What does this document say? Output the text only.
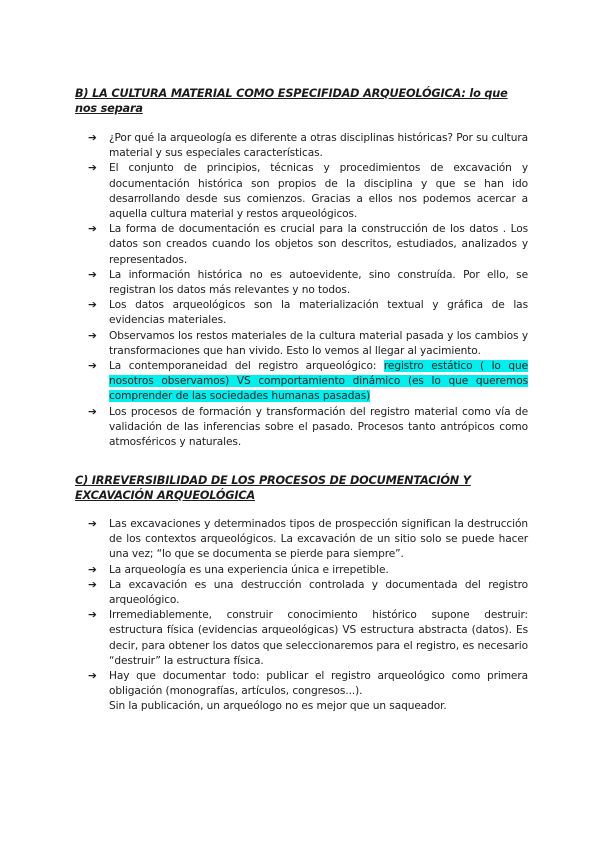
B) LA CULTURA MATERIAL COMO ESPECIFIDAD ARQUEOLÓGICA: lo que nos separa
➔ ¿Por qué la arqueología es diferente a otras disciplinas históricas? Por su cultura material y sus especiales características.
➔ El conjunto de principios, técnicas y procedimientos de excavación y documentación histórica son propios de la disciplina y que se han ido desarrollando desde sus comienzos. Gracias a ellos nos podemos acercar a aquella cultura material y restos arqueológicos.
➔ La forma de documentación es crucial para la construcción de los datos . Los datos son creados cuando los objetos son descritos, estudiados, analizados y representados.
➔ La información histórica no es autoevidente, sino construída. Por ello, se registran los datos más relevantes y no todos.
➔ Los datos arqueológicos son la materialización textual y gráfica de las evidencias materiales.
➔ Observamos los restos materiales de la cultura material pasada y los cambios y transformaciones que han vivido. Esto lo vemos al llegar al yacimiento.
➔ La contemporaneidad del registro arqueológico: registro estático ( lo que nosotros observamos) VS comportamiento dinámico (es lo que queremos comprender de las sociedades humanas pasadas)
➔ Los procesos de formación y transformación del registro material como vía de validación de las inferencias sobre el pasado. Procesos tanto antrópicos como atmosféricos y naturales.
C) IRREVERSIBILIDAD DE LOS PROCESOS DE DOCUMENTACIÓN Y EXCAVACIÓN ARQUEOLÓGICA
➔ Las excavaciones y determinados tipos de prospección significan la destrucción de los contextos arqueológicos. La excavación de un sitio solo se puede hacer una vez; “lo que se documenta se pierde para siempre”.
➔ La arqueología es una experiencia única e irrepetible.
➔ La excavación es una destrucción controlada y documentada del registro arqueológico.
➔ Irremediablemente, construir conocimiento histórico supone destruir: estructura física (evidencias arqueológicas) VS estructura abstracta (datos). Es decir, para obtener los datos que seleccionaremos para el registro, es necesario “destruir” la estructura física.
➔ Hay que documentar todo: publicar el registro arqueológico como primera obligación (monografías, artículos, congresos...).
Sin la publicación, un arqueólogo no es mejor que un saqueador.
